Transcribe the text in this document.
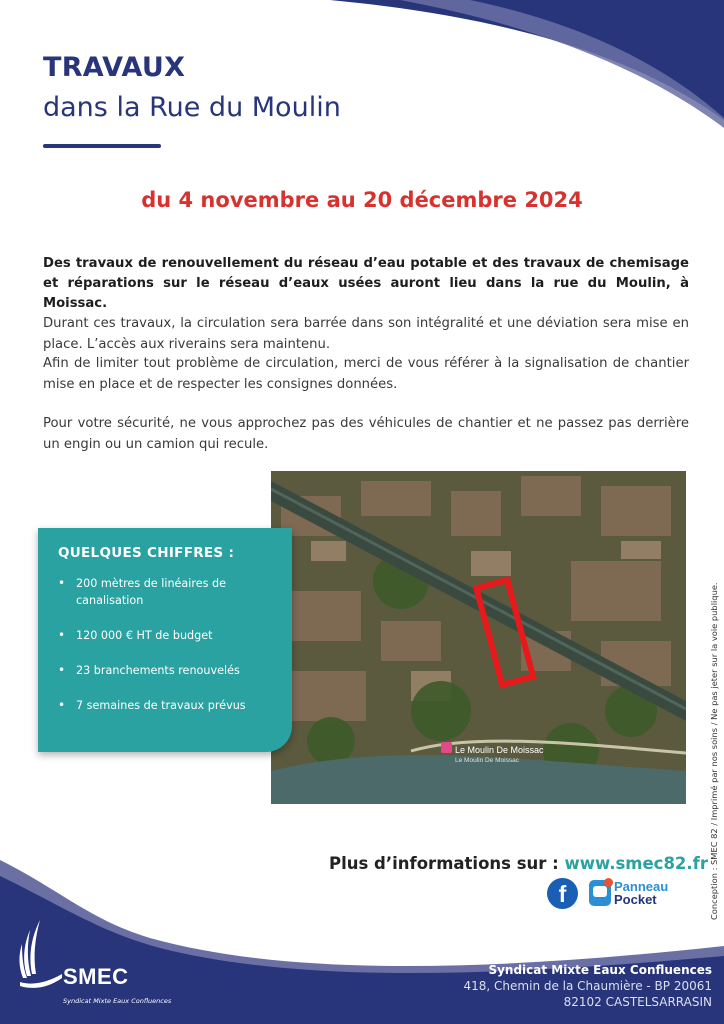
TRAVAUX
dans la Rue du Moulin
du 4 novembre au 20 décembre 2024

Des travaux de renouvellement du réseau d’eau potable et des travaux de chemisage et réparations sur le réseau d’eaux usées auront lieu dans la rue du Moulin, à Moissac.

Durant ces travaux, la circulation sera barrée dans son intégralité et une déviation sera mise en place. L’accès aux riverains sera maintenu.

Afin de limiter tout problème de circulation, merci de vous référer à la signalisation de chantier mise en place et de respecter les consignes données.

Pour votre sécurité, ne vous approchez pas des véhicules de chantier et ne passez pas derrière un engin ou un camion qui recule.

Le Moulin De Moissac
Le Moulin De Moissac
QUELQUES CHIFFRES :
• 200 mètres de linéaires de canalisation
• 120 000 € HT de budget
• 23 branchements renouvelés
• 7 semaines de travaux prévus	Conception : SMEC 82 / Imprimé par nos soins / Ne pas jeter sur la voie publique.
Plus d’informations sur : www.smec82.fr
f	Panneau
Pocket
SMEC
Syndicat Mixte Eaux Confluences
Syndicat Mixte Eaux Confluences
418, Chemin de la Chaumière - BP 20061
82102 CASTELSARRASIN
